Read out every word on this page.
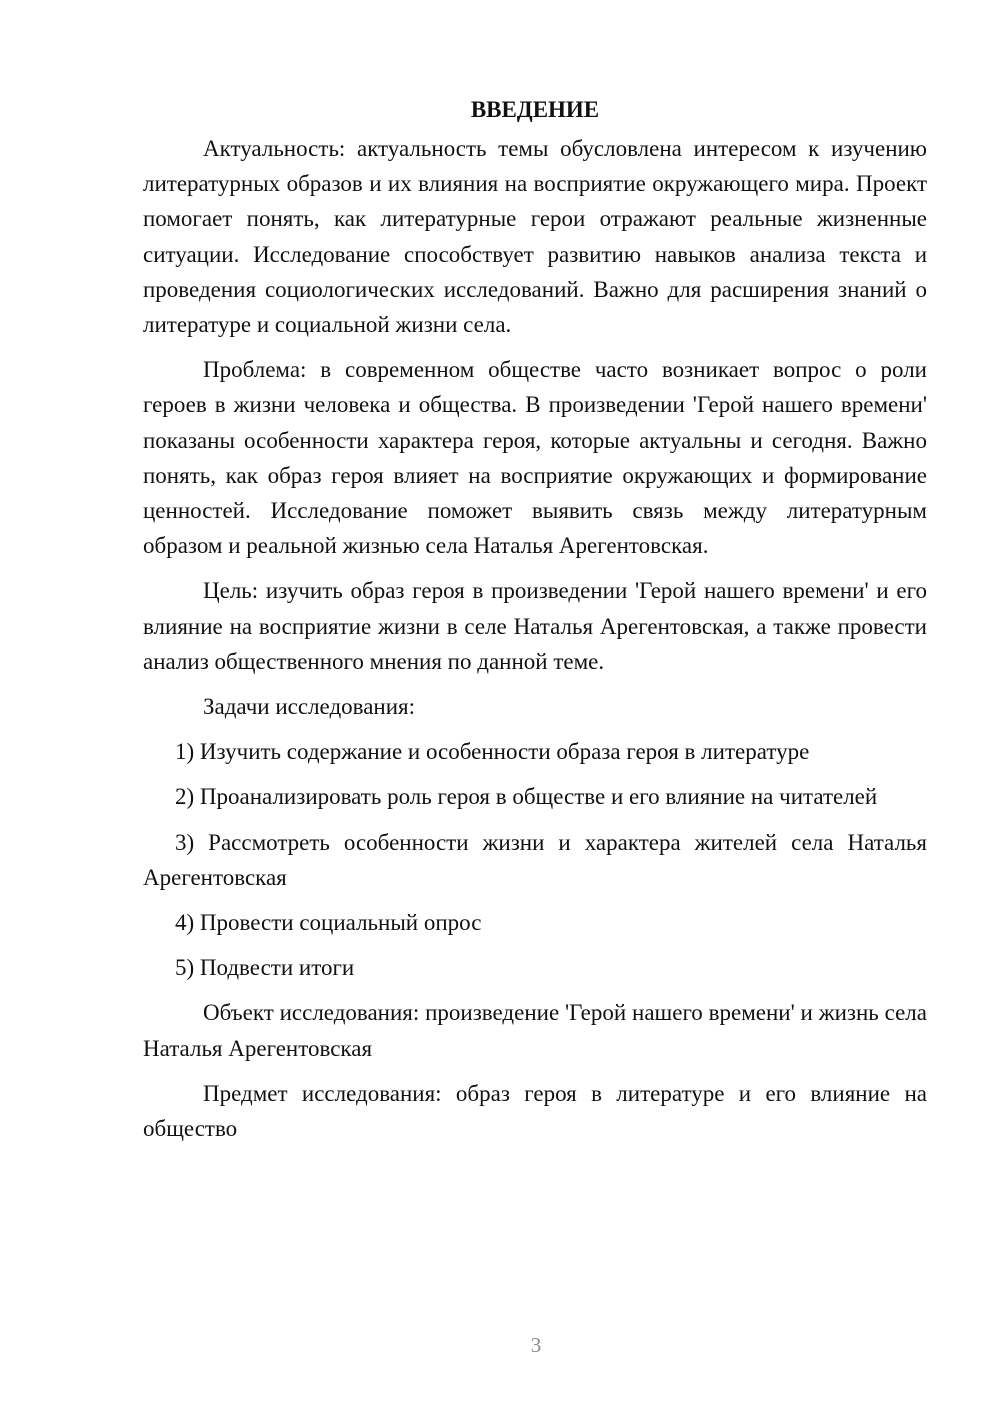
ВВЕДЕНИЕ

Актуальность: актуальность темы обусловлена интересом к изучению литературных образов и их влияния на восприятие окружающего мира. Проект помогает понять, как литературные герои отражают реальные жизненные ситуации. Исследование способствует развитию навыков анализа текста и проведения социологических исследований. Важно для расширения знаний о литературе и социальной жизни села.

Проблема: в современном обществе часто возникает вопрос о роли героев в жизни человека и общества. В произведении 'Герой нашего времени' показаны особенности характера героя, которые актуальны и сегодня. Важно понять, как образ героя влияет на восприятие окружающих и формирование ценностей. Исследование поможет выявить связь между литературным образом и реальной жизнью села Наталья Арегентовская.

Цель: изучить образ героя в произведении 'Герой нашего времени' и его влияние на восприятие жизни в селе Наталья Арегентовская, а также провести анализ общественного мнения по данной теме.

Задачи исследования:

1) Изучить содержание и особенности образа героя в литературе

2) Проанализировать роль героя в обществе и его влияние на читателей

3) Рассмотреть особенности жизни и характера жителей села Наталья Арегентовская

4) Провести социальный опрос

5) Подвести итоги

Объект исследования: произведение 'Герой нашего времени' и жизнь села Наталья Арегентовская

Предмет исследования: образ героя в литературе и его влияние на общество

3
